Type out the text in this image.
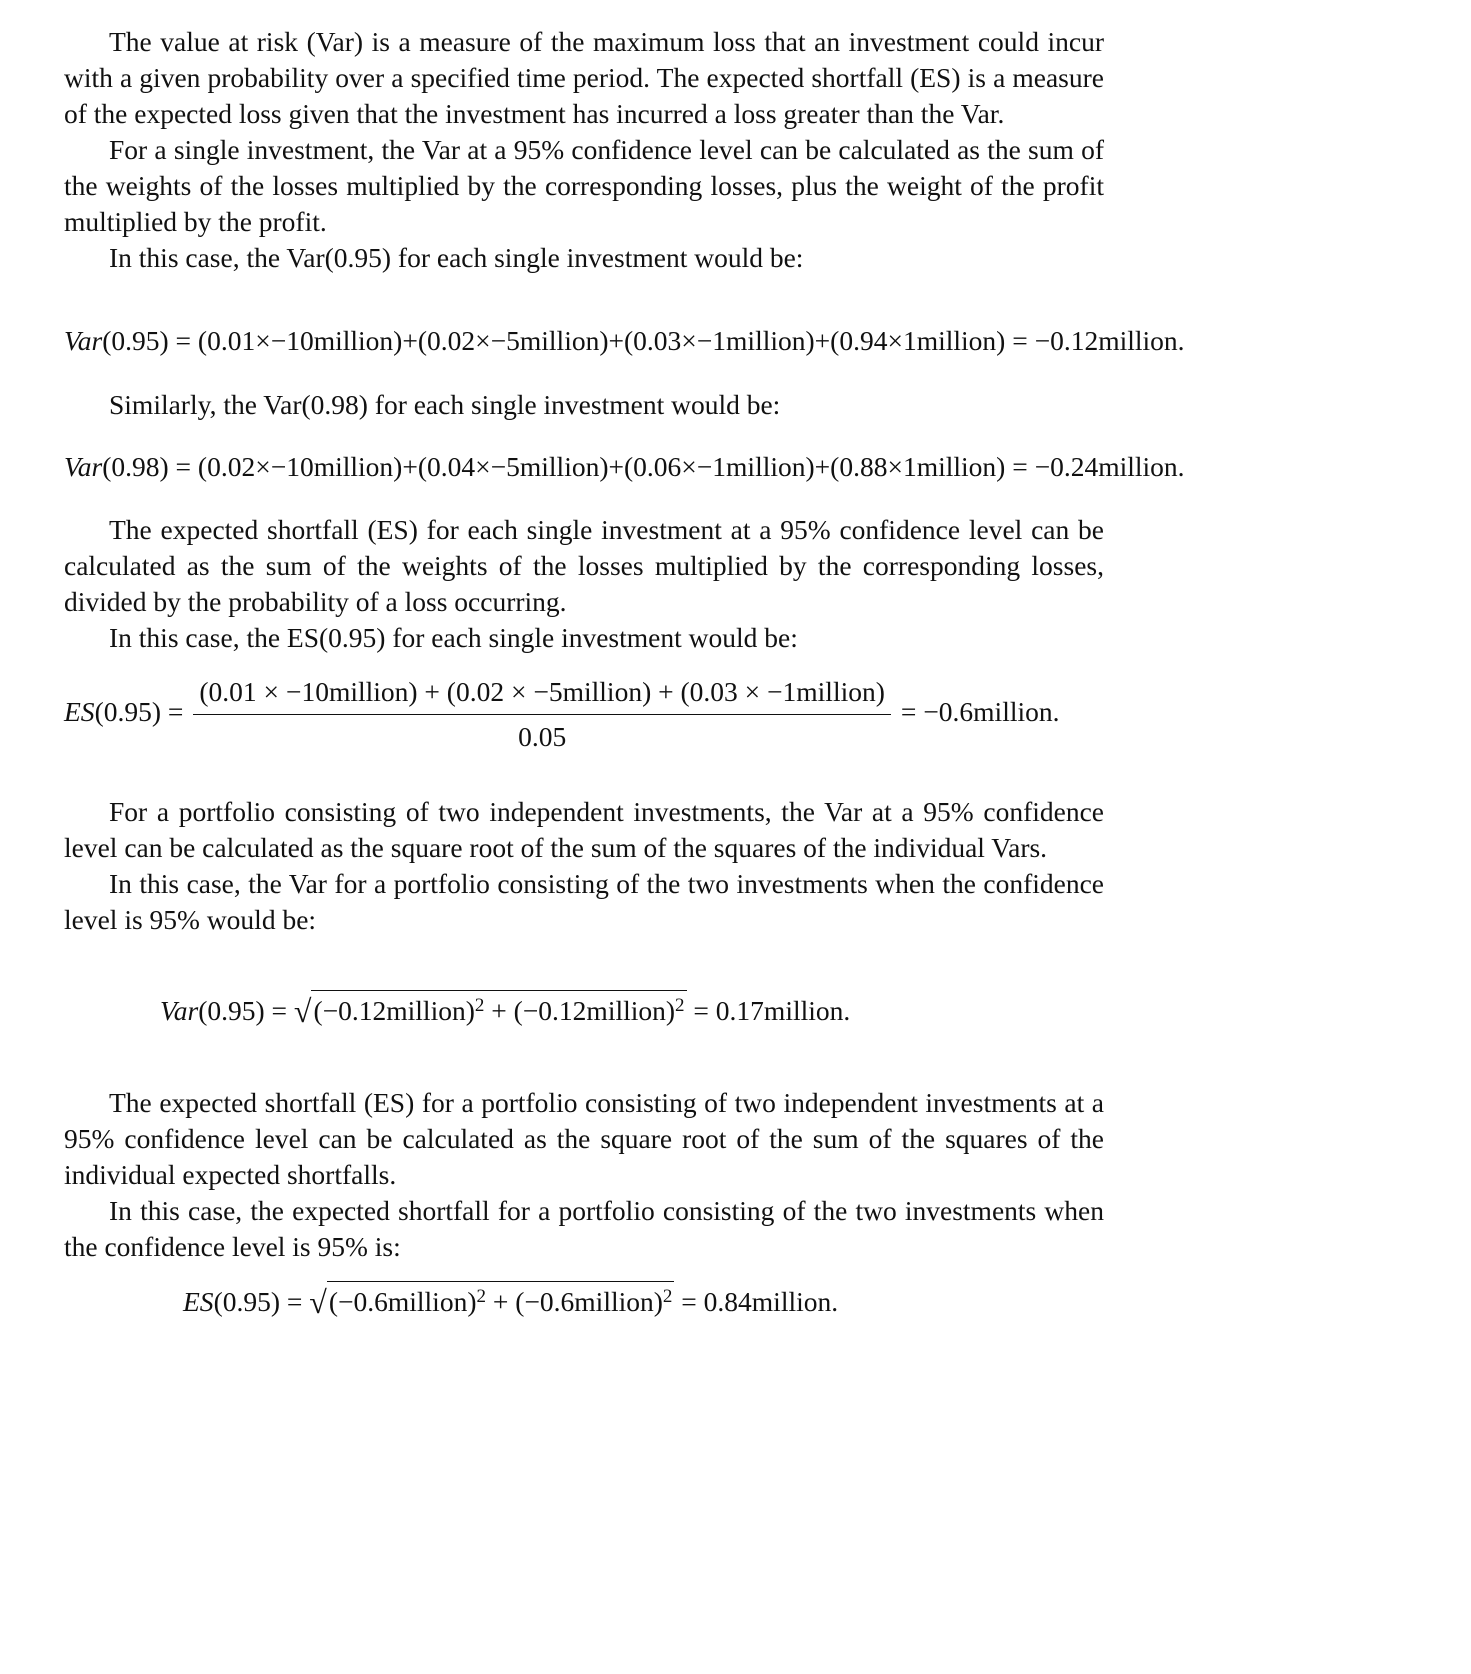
The value at risk (Var) is a measure of the maximum loss that an investment could incur with a given probability over a specified time period. The expected shortfall (ES) is a measure of the expected loss given that the investment has incurred a loss greater than the Var.

For a single investment, the Var at a 95% confidence level can be calculated as the sum of the weights of the losses multiplied by the corresponding losses, plus the weight of the profit multiplied by the profit.

In this case, the Var(0.95) for each single investment would be:

Var(0.95) = (0.01×−10million)+(0.02×−5million)+(0.03×−1million)+(0.94×1million) = −0.12million.

Similarly, the Var(0.98) for each single investment would be:

Var(0.98) = (0.02×−10million)+(0.04×−5million)+(0.06×−1million)+(0.88×1million) = −0.24million.

The expected shortfall (ES) for each single investment at a 95% confidence level can be calculated as the sum of the weights of the losses multiplied by the corresponding losses, divided by the probability of a loss occurring.

In this case, the ES(0.95) for each single investment would be:

ES(0.95) =
(0.01 × −10million) + (0.02 × −5million) + (0.03 × −1million)
0.05
= −0.6million.

For a portfolio consisting of two independent investments, the Var at a 95% confidence level can be calculated as the square root of the sum of the squares of the individual Vars.

In this case, the Var for a portfolio consisting of the two investments when the confidence level is 95% would be:

Var(0.95) = √(−0.12million)$^2$ + (−0.12million)$^2$ = 0.17million.

The expected shortfall (ES) for a portfolio consisting of two independent investments at a 95% confidence level can be calculated as the square root of the sum of the squares of the individual expected shortfalls.

In this case, the expected shortfall for a portfolio consisting of the two investments when the confidence level is 95% is:

ES(0.95) = √(−0.6million)$^2$ + (−0.6million)$^2$ = 0.84million.
